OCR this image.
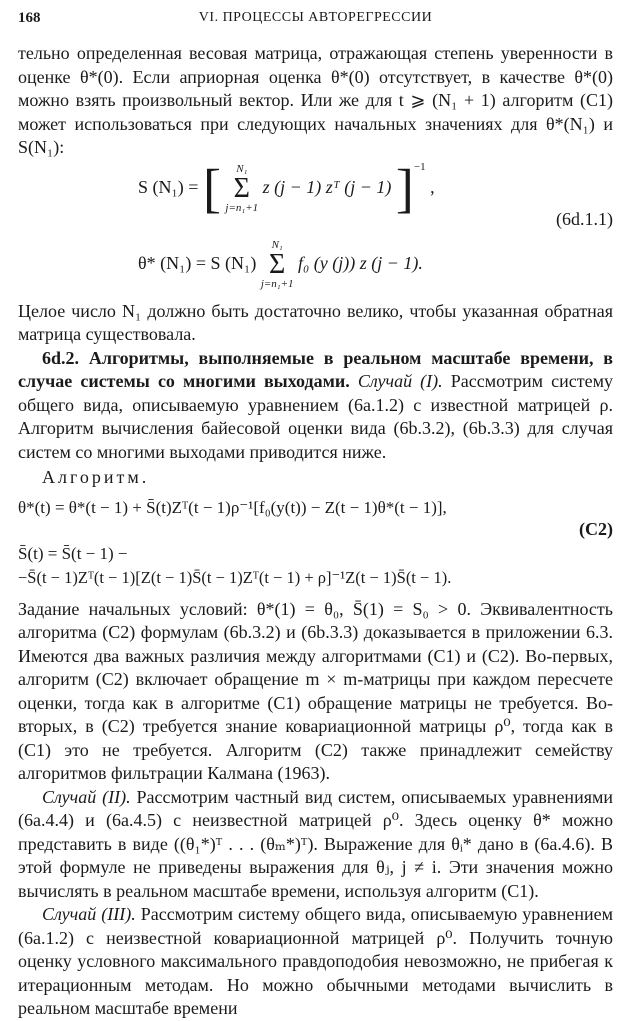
168	VI. ПРОЦЕССЫ АВТОРЕГРЕССИИ

тельно определенная весовая матрица, отражающая степень уверенности в оценке θ*(0). Если априорная оценка θ*(0) отсутствует, в качестве θ*(0) можно взять произвольный вектор. Или же для t ⩾ (N₁ + 1) алгоритм (C1) может использоваться при следующих начальных значениях для θ*(N₁) и S(N₁):

S (N₁) = [	N₁
Σ
j=n₁+1
z (j − 1) zᵀ (j − 1) ]$^{-1}$ ,
(6d.1.1)
θ* (N₁) = S (N₁)
N₁
Σ
j=n₁+1
f₀ (y (j)) z (j − 1).

Целое число N₁ должно быть достаточно велико, чтобы указанная обратная матрица существовала.

6d.2. Алгоритмы, выполняемые в реальном масштабе времени, в случае системы со многими выходами. Случай (I). Рассмотрим систему общего вида, описываемую уравнением (6a.1.2) с известной матрицей ρ. Алгоритм вычисления байесовой оценки вида (6b.3.2), (6b.3.3) для случая систем со многими выходами приводится ниже.

Алгоритм.

θ*(t) = θ*(t − 1) + S̄(t)Zᵀ(t − 1)ρ⁻¹[f₀(y(t)) − Z(t − 1)θ*(t − 1)],
(C2)
S̄(t) = S̄(t − 1) −
−S̄(t − 1)Zᵀ(t − 1)[Z(t − 1)S̄(t − 1)Zᵀ(t − 1) + ρ]⁻¹Z(t − 1)S̄(t − 1).

Задание начальных условий: θ*(1) = θ₀, S̄(1) = S₀ > 0. Эквивалентность алгоритма (C2) формулам (6b.3.2) и (6b.3.3) доказывается в приложении 6.3. Имеются два важных различия между алгоритмами (C1) и (C2). Во-первых, алгоритм (C2) включает обращение m × m-матрицы при каждом пересчете оценки, тогда как в алгоритме (C1) обращение матрицы не требуется. Во-вторых, в (C2) требуется знание ковариационной матрицы ρ⁰, тогда как в (C1) это не требуется. Алгоритм (C2) также принадлежит семейству алгоритмов фильтрации Калмана (1963).

Случай (II). Рассмотрим частный вид систем, описываемых уравнениями (6a.4.4) и (6a.4.5) с неизвестной матрицей ρ⁰. Здесь оценку θ* можно представить в виде ((θ₁*)ᵀ . . . (θₘ*)ᵀ). Выражение для θᵢ* дано в (6a.4.6). В этой формуле не приведены выражения для θⱼ, j ≠ i. Эти значения можно вычислять в реальном масштабе времени, используя алгоритм (C1).

Случай (III). Рассмотрим систему общего вида, описываемую уравнением (6a.1.2) с неизвестной ковариационной матрицей ρ⁰. Получить точную оценку условного максимального правдоподобия невозможно, не прибегая к итерационным методам. Но можно обычными методами вычислить в реальном масштабе времени
